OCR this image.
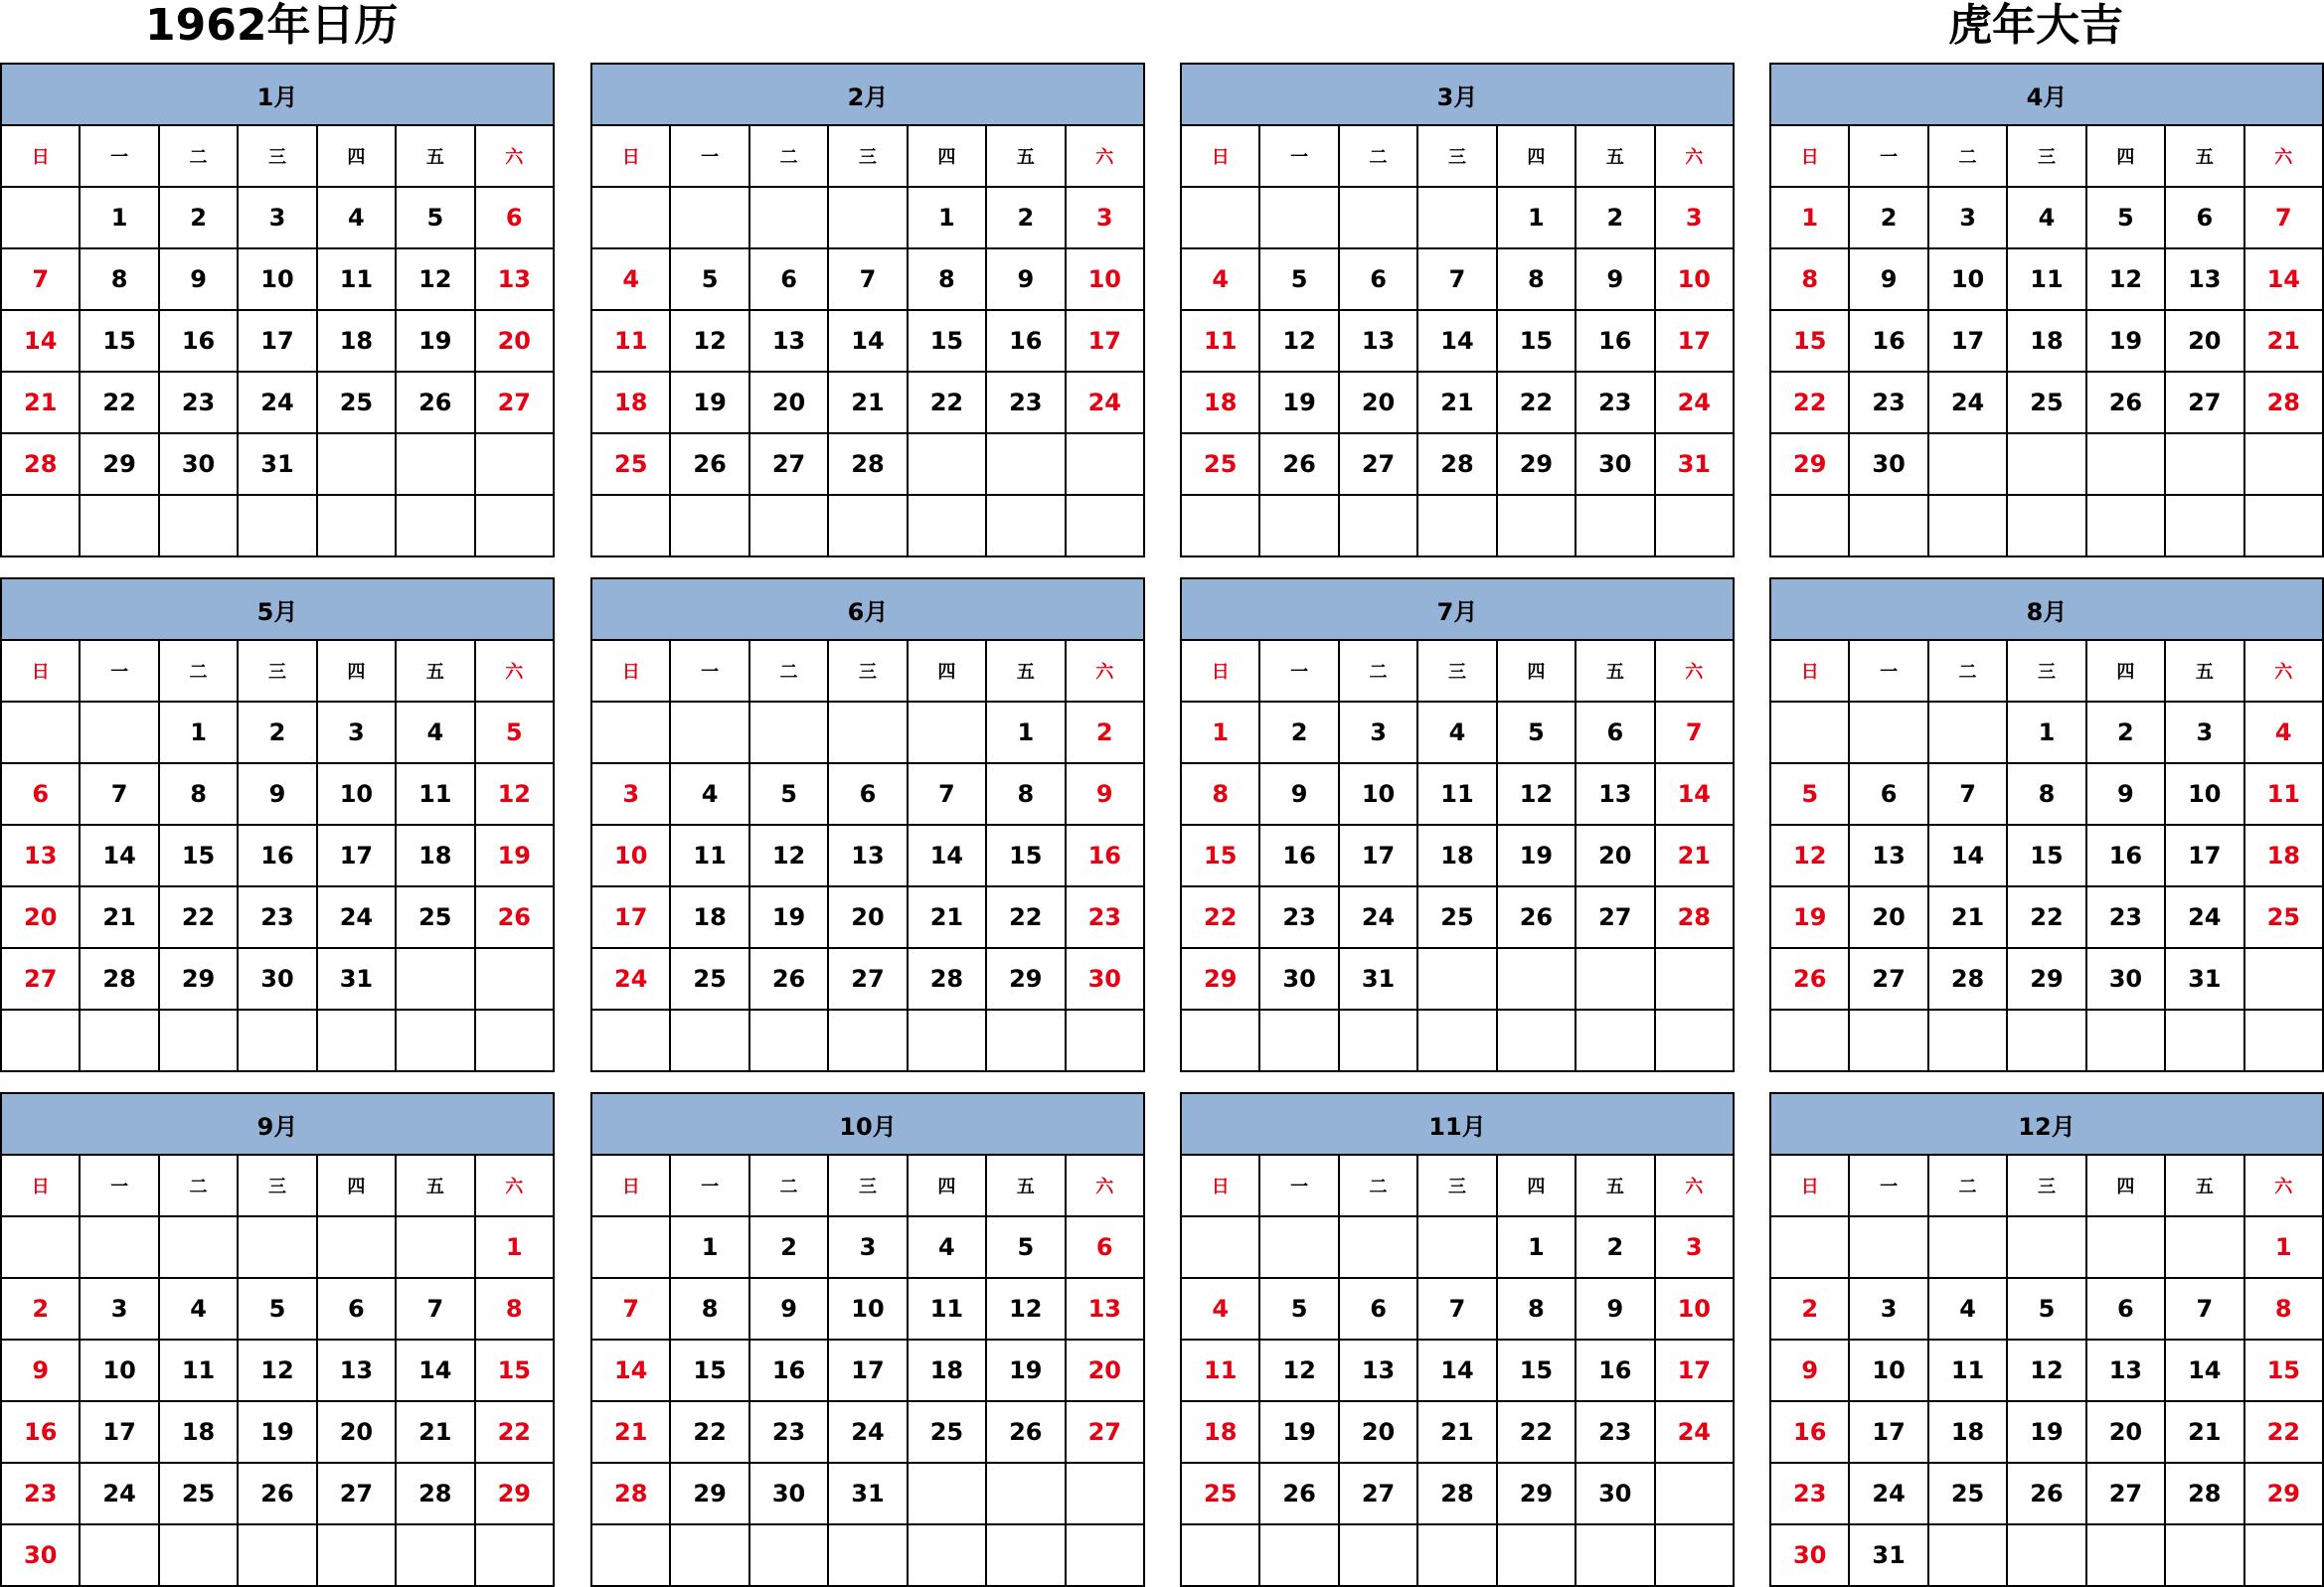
1962年日历	虎年大吉
1月						
日	一	二	三	四	五	六
	1	2	3	4	5	6
7	8	9	10	11	12	13
14	15	16	17	18	19	20
21	22	23	24	25	26	27
28	29	30	31			

2月						
日	一	二	三	四	五	六
				1	2	3
4	5	6	7	8	9	10
11	12	13	14	15	16	17
18	19	20	21	22	23	24
25	26	27	28			

3月						
日	一	二	三	四	五	六
				1	2	3
4	5	6	7	8	9	10
11	12	13	14	15	16	17
18	19	20	21	22	23	24
25	26	27	28	29	30	31

4月						
日	一	二	三	四	五	六
1	2	3	4	5	6	7
8	9	10	11	12	13	14
15	16	17	18	19	20	21
22	23	24	25	26	27	28
29	30					

5月						
日	一	二	三	四	五	六
		1	2	3	4	5
6	7	8	9	10	11	12
13	14	15	16	17	18	19
20	21	22	23	24	25	26
27	28	29	30	31		

6月						
日	一	二	三	四	五	六
					1	2
3	4	5	6	7	8	9
10	11	12	13	14	15	16
17	18	19	20	21	22	23
24	25	26	27	28	29	30

7月						
日	一	二	三	四	五	六
1	2	3	4	5	6	7
8	9	10	11	12	13	14
15	16	17	18	19	20	21
22	23	24	25	26	27	28
29	30	31				

8月						
日	一	二	三	四	五	六
			1	2	3	4
5	6	7	8	9	10	11
12	13	14	15	16	17	18
19	20	21	22	23	24	25
26	27	28	29	30	31	

9月						
日	一	二	三	四	五	六
						1
2	3	4	5	6	7	8
9	10	11	12	13	14	15
16	17	18	19	20	21	22
23	24	25	26	27	28	29
30						
10月						
日	一	二	三	四	五	六
	1	2	3	4	5	6
7	8	9	10	11	12	13
14	15	16	17	18	19	20
21	22	23	24	25	26	27
28	29	30	31			

11月						
日	一	二	三	四	五	六
				1	2	3
4	5	6	7	8	9	10
11	12	13	14	15	16	17
18	19	20	21	22	23	24
25	26	27	28	29	30	

12月						
日	一	二	三	四	五	六
						1
2	3	4	5	6	7	8
9	10	11	12	13	14	15
16	17	18	19	20	21	22
23	24	25	26	27	28	29
30	31					
